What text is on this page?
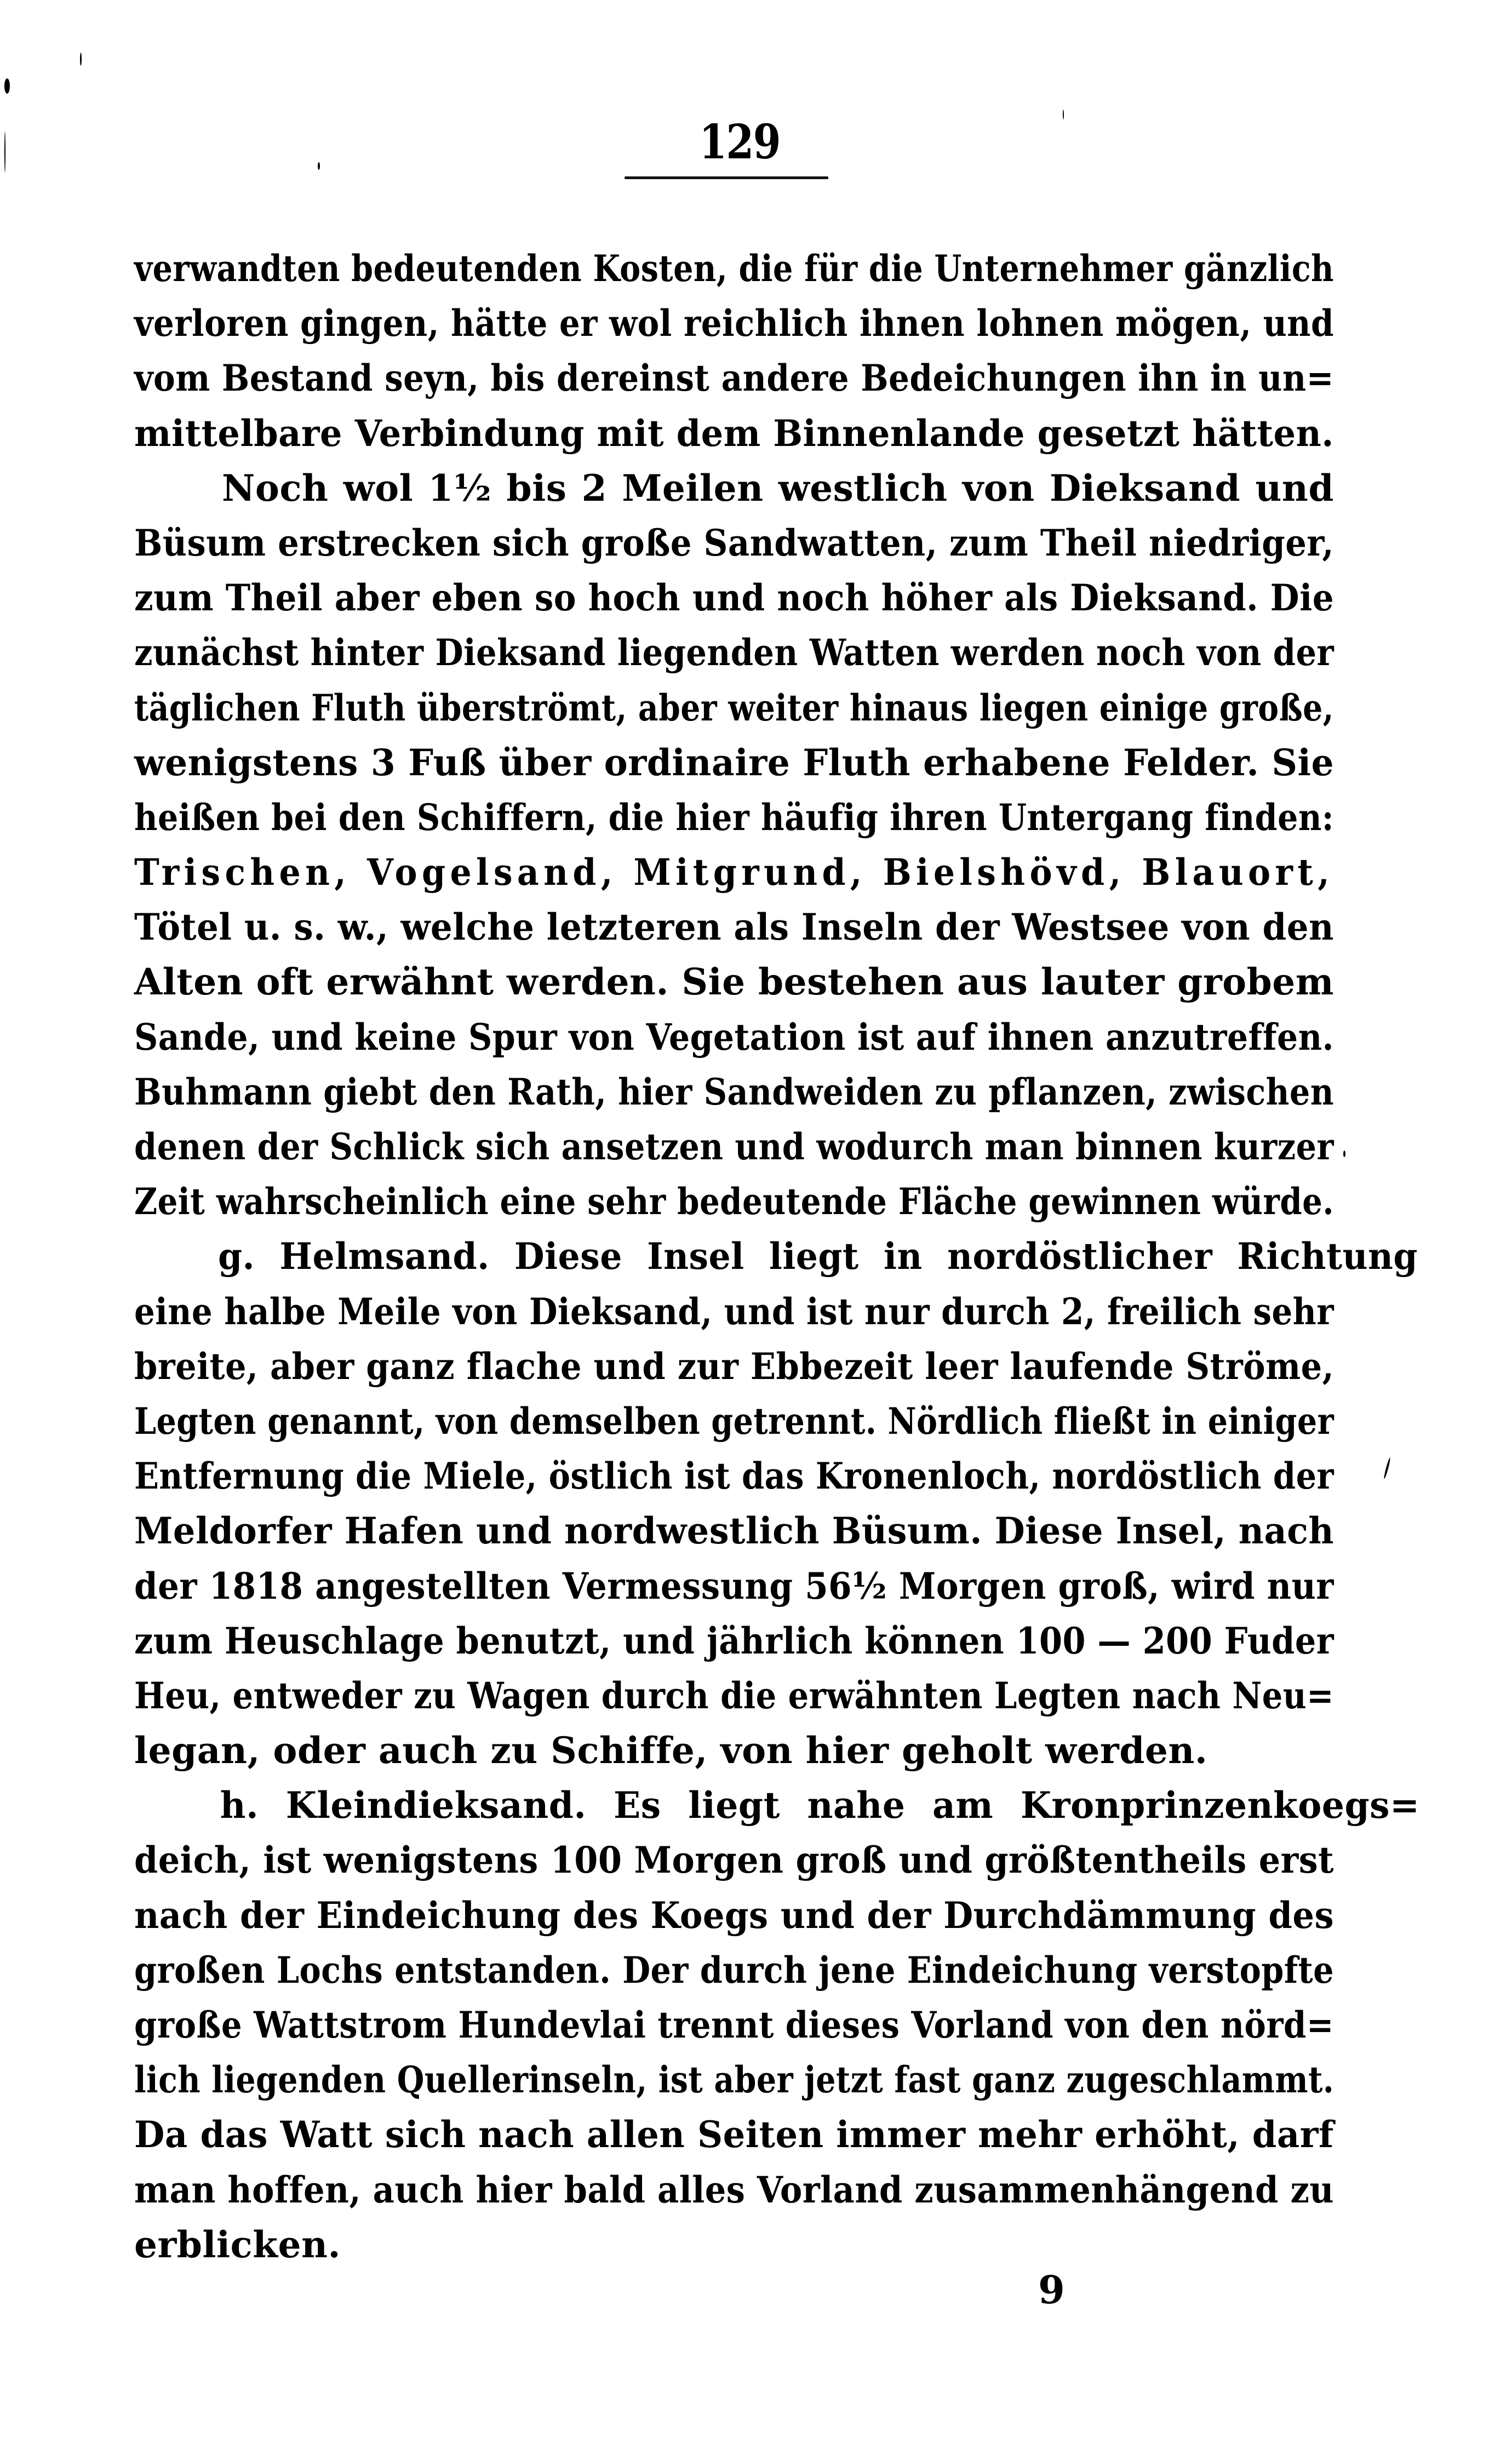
129
verwandten bedeutenden Kosten, die für die Unternehmer gänzlich
verloren gingen, hätte er wol reichlich ihnen lohnen mögen, und
vom Bestand seyn, bis dereinst andere Bedeichungen ihn in un=
mittelbare Verbindung mit dem Binnenlande gesetzt hätten.
Noch wol 1½ bis 2 Meilen westlich von Dieksand und
Büsum erstrecken sich große Sandwatten, zum Theil niedriger,
zum Theil aber eben so hoch und noch höher als Dieksand. Die
zunächst hinter Dieksand liegenden Watten werden noch von der
täglichen Fluth überströmt, aber weiter hinaus liegen einige große,
wenigstens 3 Fuß über ordinaire Fluth erhabene Felder. Sie
heißen bei den Schiffern, die hier häufig ihren Untergang finden:
Trischen, Vogelsand, Mitgrund, Bielshövd, Blauort,
Tötel u. s. w., welche letzteren als Inseln der Westsee von den
Alten oft erwähnt werden. Sie bestehen aus lauter grobem
Sande, und keine Spur von Vegetation ist auf ihnen anzutreffen.
Buhmann giebt den Rath, hier Sandweiden zu pflanzen, zwischen
denen der Schlick sich ansetzen und wodurch man binnen kurzer
Zeit wahrscheinlich eine sehr bedeutende Fläche gewinnen würde.
g. Helmsand. Diese Insel liegt in nordöstlicher Richtung
eine halbe Meile von Dieksand, und ist nur durch 2, freilich sehr
breite, aber ganz flache und zur Ebbezeit leer laufende Ströme,
Legten genannt, von demselben getrennt. Nördlich fließt in einiger
Entfernung die Miele, östlich ist das Kronenloch, nordöstlich der
Meldorfer Hafen und nordwestlich Büsum. Diese Insel, nach
der 1818 angestellten Vermessung 56½ Morgen groß, wird nur
zum Heuschlage benutzt, und jährlich können 100 — 200 Fuder
Heu, entweder zu Wagen durch die erwähnten Legten nach Neu=
legan, oder auch zu Schiffe, von hier geholt werden.
h. Kleindieksand. Es liegt nahe am Kronprinzenkoegs=
deich, ist wenigstens 100 Morgen groß und größtentheils erst
nach der Eindeichung des Koegs und der Durchdämmung des
großen Lochs entstanden. Der durch jene Eindeichung verstopfte
große Wattstrom Hundevlai trennt dieses Vorland von den nörd=
lich liegenden Quellerinseln, ist aber jetzt fast ganz zugeschlammt.
Da das Watt sich nach allen Seiten immer mehr erhöht, darf
man hoffen, auch hier bald alles Vorland zusammenhängend zu
erblicken.
9
